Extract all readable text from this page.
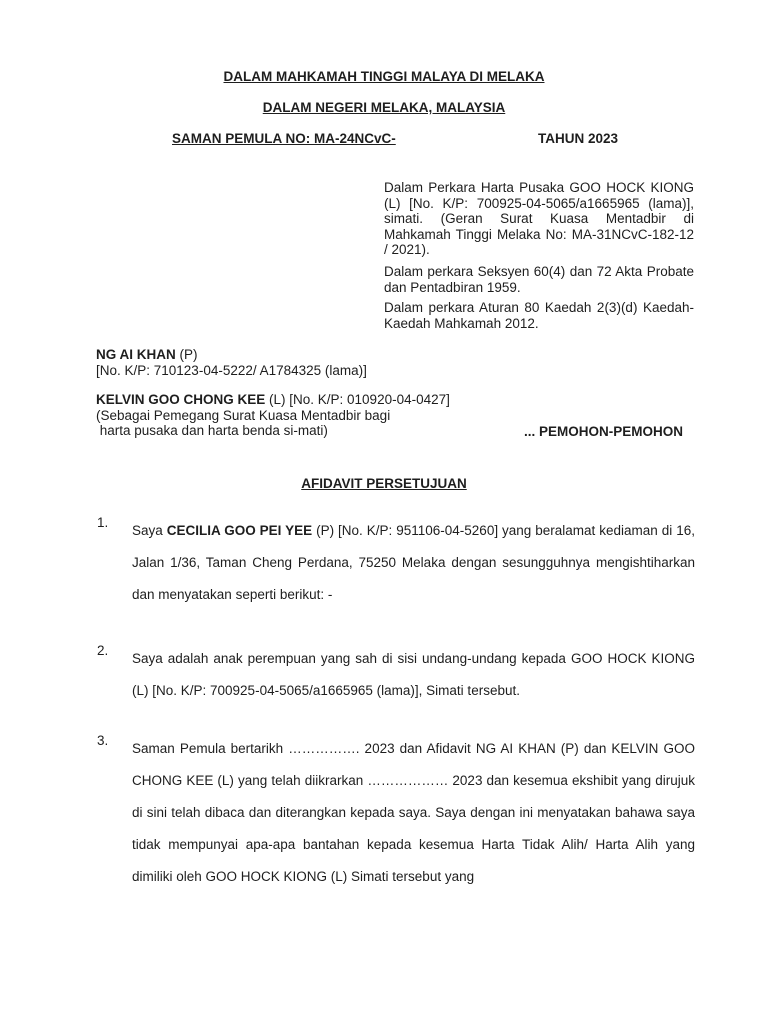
DALAM MAHKAMAH TINGGI MALAYA DI MELAKA
DALAM NEGERI MELAKA, MALAYSIA
SAMAN PEMULA NO: MA-24NCvC-	TAHUN 2023
Dalam Perkara Harta Pusaka GOO HOCK KIONG (L) [No. K/P: 700925-04-5065/a1665965 (lama)], simati. (Geran Surat Kuasa Mentadbir di Mahkamah Tinggi Melaka No: MA-31NCvC-182-12 / 2021).
Dalam perkara Seksyen 60(4) dan 72 Akta Probate dan Pentadbiran 1959.
Dalam perkara Aturan 80 Kaedah 2(3)(d) Kaedah-Kaedah Mahkamah 2012.
NG AI KHAN (P)
[No. K/P: 710123-04-5222/ A1784325 (lama)]
KELVIN GOO CHONG KEE (L) [No. K/P: 010920-04-0427]
(Sebagai Pemegang Surat Kuasa Mentadbir bagi
harta pusaka dan harta benda si-mati)	... PEMOHON-PEMOHON
AFIDAVIT PERSETUJUAN
1.
Saya CECILIA GOO PEI YEE (P) [No. K/P: 951106-04-5260] yang beralamat kediaman di 16, Jalan 1/36, Taman Cheng Perdana, 75250 Melaka dengan sesungguhnya mengishtiharkan dan menyatakan seperti berikut: -
2.
Saya adalah anak perempuan yang sah di sisi undang-undang kepada GOO HOCK KIONG (L) [No. K/P: 700925-04-5065/a1665965 (lama)], Simati tersebut.
3.
Saman Pemula bertarikh ……………. 2023 dan Afidavit NG AI KHAN (P) dan KELVIN GOO CHONG KEE (L) yang telah diikrarkan ……………… 2023 dan kesemua ekshibit yang dirujuk di sini telah dibaca dan diterangkan kepada saya. Saya dengan ini menyatakan bahawa saya tidak mempunyai apa-apa bantahan kepada kesemua Harta Tidak Alih/ Harta Alih yang dimiliki oleh GOO HOCK KIONG (L) Simati tersebut yang
